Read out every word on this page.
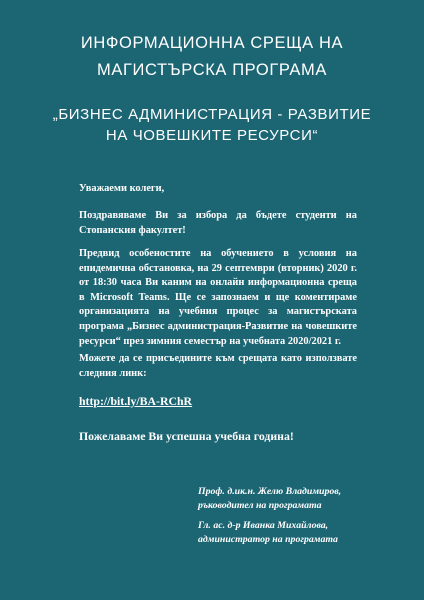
ИНФОРМАЦИОННА СРЕЩА НА
МАГИСТЪРСКА ПРОГРАМА
„БИЗНЕС АДМИНИСТРАЦИЯ - РАЗВИТИЕ
НА ЧОВЕШКИТЕ РЕСУРСИ“

Уважаеми колеги,

Поздравяваме Ви за избора да бъдете студенти на Стопанския факултет!

Предвид особеностите на обучението в условия на епидемична обстановка, на 29 септември (вторник) 2020 г. от 18:30 часа Ви каним на онлайн информационна среща в Microsoft Teams. Ще се запознаем и ще коментираме организацията на учебния процес за магистърската програма „Бизнес администрация-Развитие на човешките ресурси“ през зимния семестър на учебната 2020/2021 г.

Можете да се присъедините към срещата като използвате следния линк:

http://bit.ly/BA-RChR
Пожелаваме Ви успешна учебна година!
Проф. д.ик.н. Желю Владимиров,
ръководител на програмата
Гл. ас. д-р Иванка Михайлова,
администратор на програмата
